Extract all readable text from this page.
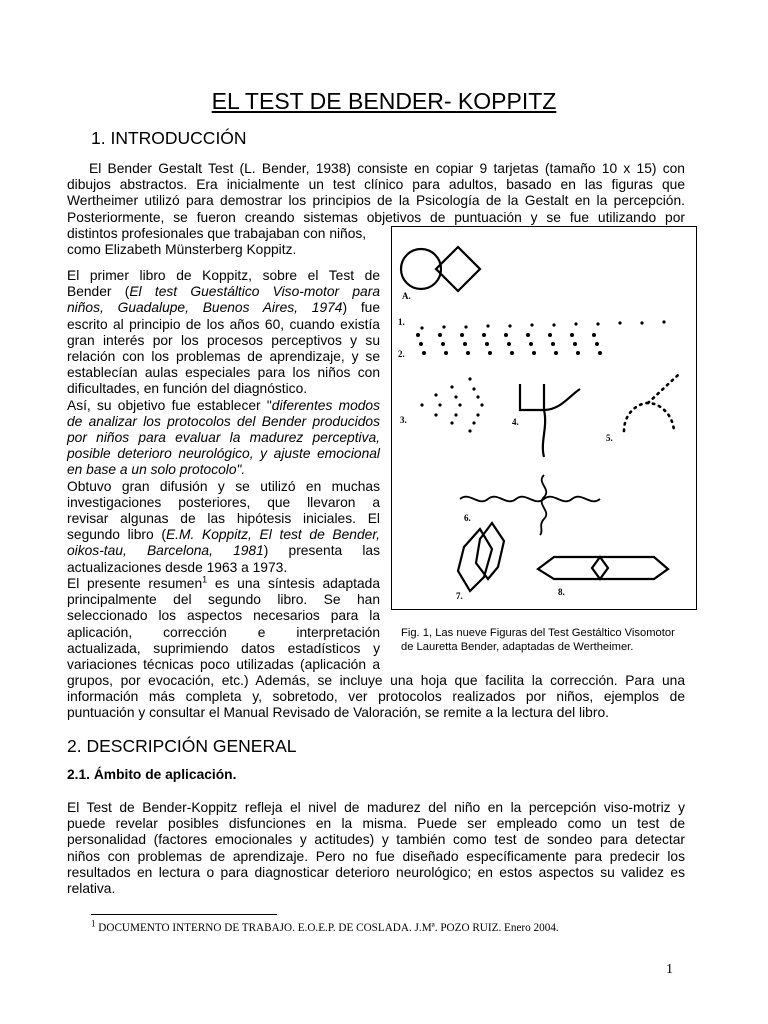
EL TEST DE BENDER- KOPPITZ
1. INTRODUCCIÓN
El Bender Gestalt Test (L. Bender, 1938) consiste en copiar 9 tarjetas (tamaño 10 x 15) con
dibujos abstractos. Era inicialmente un test clínico para adultos, basado en las figuras que
Wertheimer utilizó para demostrar los principios de la Psicología de la Gestalt en la percepción.
Posteriormente, se fueron creando sistemas objetivos de puntuación y se fue utilizando por
distintos profesionales que trabajaban con niños,
como Elizabeth Münsterberg Koppitz.
El primer libro de Koppitz, sobre el Test de
Bender (El test Guestáltico Viso-motor para
niños, Guadalupe, Buenos Aires, 1974) fue
escrito al principio de los años 60, cuando existía
gran interés por los procesos perceptivos y su
relación con los problemas de aprendizaje, y se
establecían aulas especiales para los niños con
dificultades, en función del diagnóstico.
Así, su objetivo fue establecer "diferentes modos
de analizar los protocolos del Bender producidos
por niños para evaluar la madurez perceptiva,
posible deterioro neurológico, y ajuste emocional
en base a un solo protocolo".
Obtuvo gran difusión y se utilizó en muchas
investigaciones posteriores, que llevaron a
revisar algunas de las hipótesis iniciales. El
segundo libro (E.M. Koppitz, El test de Bender,
oikos-tau, Barcelona, 1981) presenta las
actualizaciones desde 1963 a 1973.
El presente resumen$^1$ es una síntesis adaptada
principalmente del segundo libro. Se han
seleccionado los aspectos necesarios para la
aplicación, corrección e interpretación
actualizada, suprimiendo datos estadísticos y
variaciones técnicas poco utilizadas (aplicación a
grupos, por evocación, etc.) Además, se incluye una hoja que facilita la corrección. Para una
información más completa y, sobretodo, ver protocolos realizados por niños, ejemplos de
puntuación y consultar el Manual Revisado de Valoración, se remite a la lectura del libro.
A.
1.
2.
3.	4.
5.
6.
7.	8.
Fig. 1, Las nueve Figuras del Test Gestáltico Visomotor
de Lauretta Bender, adaptadas de Wertheimer.
2. DESCRIPCIÓN GENERAL
2.1. Ámbito de aplicación.
El Test de Bender-Koppitz refleja el nivel de madurez del niño en la percepción viso-motriz y
puede revelar posibles disfunciones en la misma. Puede ser empleado como un test de
personalidad (factores emocionales y actitudes) y también como test de sondeo para detectar
niños con problemas de aprendizaje. Pero no fue diseñado específicamente para predecir los
resultados en lectura o para diagnosticar deterioro neurológico; en estos aspectos su validez es
relativa.
$^1$ DOCUMENTO INTERNO DE TRABAJO. E.O.E.P. DE COSLADA. J.Mª. POZO RUIZ. Enero 2004.
1
